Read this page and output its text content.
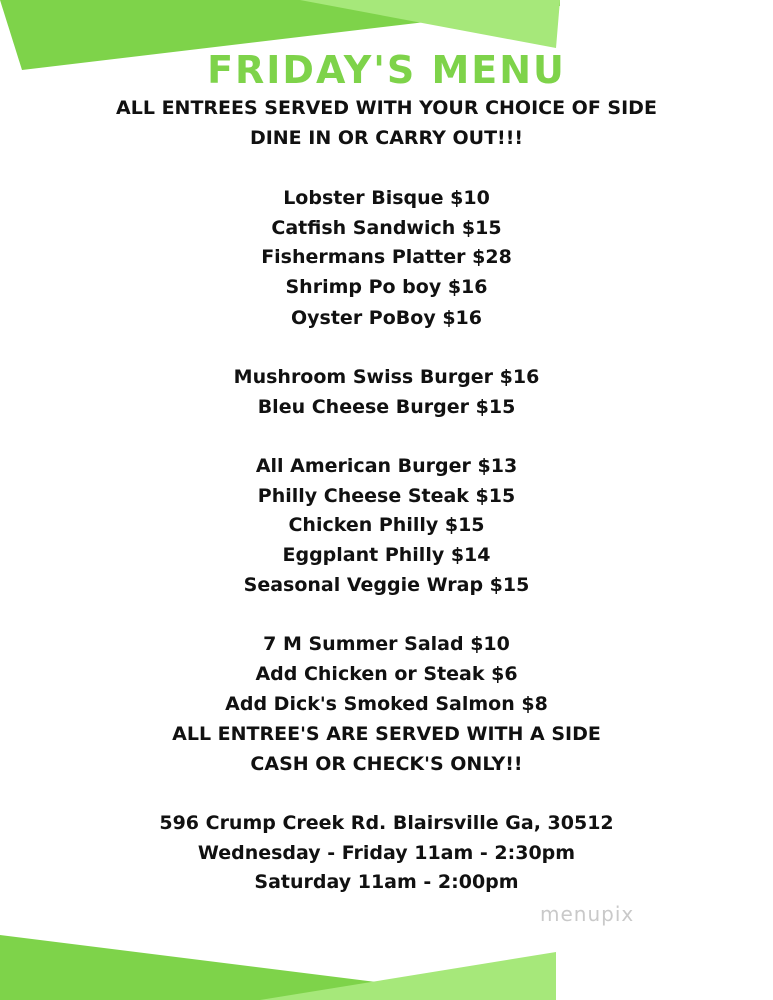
FRIDAY'S MENU
ALL ENTREES SERVED WITH YOUR CHOICE OF SIDE
DINE IN OR CARRY OUT!!!
Lobster Bisque $10
Catfish Sandwich $15
Fishermans Platter $28
Shrimp Po boy $16
Oyster PoBoy $16
Mushroom Swiss Burger $16
Bleu Cheese Burger $15
All American Burger $13
Philly Cheese Steak $15
Chicken Philly $15
Eggplant Philly $14
Seasonal Veggie Wrap $15
7 M Summer Salad $10
Add Chicken or Steak $6
Add Dick's Smoked Salmon $8
ALL ENTREE'S ARE SERVED WITH A SIDE
CASH OR CHECK'S ONLY!!
596 Crump Creek Rd. Blairsville Ga, 30512
Wednesday - Friday 11am - 2:30pm
Saturday 11am - 2:00pm
menupix
